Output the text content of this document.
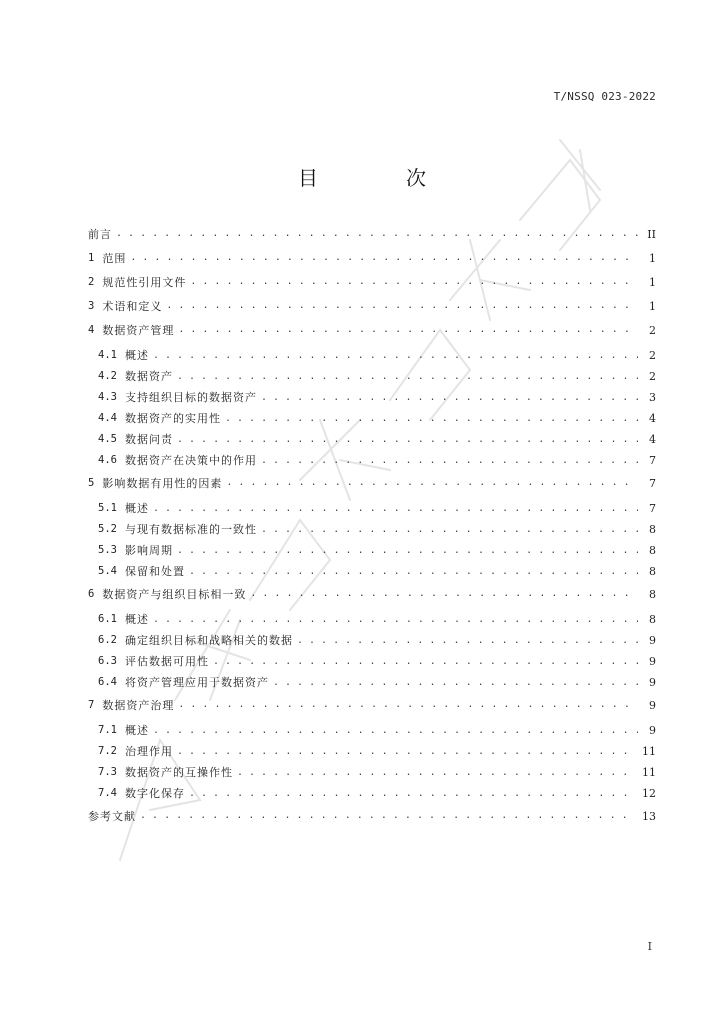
T/NSSQ 023-2022
目　次
前言 . . .	II
1 范围 . . .	1
2 规范性引用文件 . . .	1
3 术语和定义 . . .	1
4 数据资产管理 . . .	2
4.1 概述 . . .	2
4.2 数据资产 . . .	2
4.3 支持组织目标的数据资产 . . .	3
4.4 数据资产的实用性 . . .	4
4.5 数据问责 . . .	4
4.6 数据资产在决策中的作用 . . .	7
5 影响数据有用性的因素 . . .	7
5.1 概述 . . .	7
5.2 与现有数据标准的一致性 . . .	8
5.3 影响周期 . . .	8
5.4 保留和处置 . . .	8
6 数据资产与组织目标相一致 . . .	8
6.1 概述 . . .	8
6.2 确定组织目标和战略相关的数据 . . .	9
6.3 评估数据可用性 . . .	9
6.4 将资产管理应用于数据资产 . . .	9
7 数据资产治理 . . .	9
7.1 概述 . . .	9
7.2 治理作用 . . .	11
7.3 数据资产的互操作性 . . .	11
7.4 数字化保存 . . .	12
参考文献 . . .	13
I
